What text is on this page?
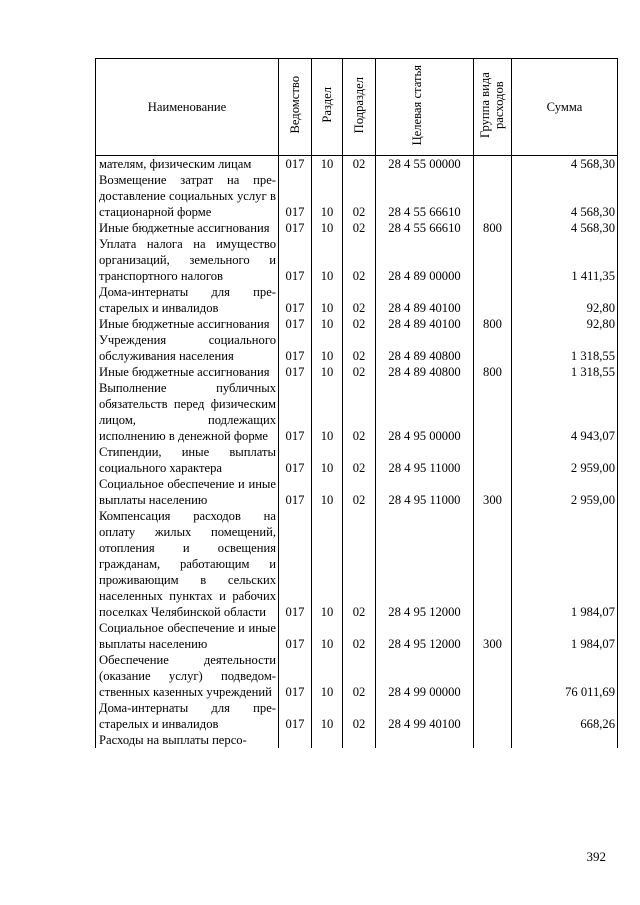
Наименование	Ведомство	Раздел	Подраздел	Целевая статья	Группа вида расходов	Сумма
мателям, физическим лицам	017	10	02	28 4 55 00000		4 568,30
Возмещение затрат на предоставление социальных услуг в стационарной форме	017	10	02	28 4 55 66610		4 568,30
Иные бюджетные ассигнования	017	10	02	28 4 55 66610	800	4 568,30
Уплата налога на имущество организаций, земельного и транспортного налогов	017	10	02	28 4 89 00000		1 411,35
Дома-интернаты для престарелых и инвалидов	017	10	02	28 4 89 40100		92,80
Иные бюджетные ассигнования	017	10	02	28 4 89 40100	800	92,80
Учреждения социального обслуживания населения	017	10	02	28 4 89 40800		1 318,55
Иные бюджетные ассигнования	017	10	02	28 4 89 40800	800	1 318,55
Выполнение публичных обязательств перед физическим лицом, подлежащих исполнению в денежной форме	017	10	02	28 4 95 00000		4 943,07
Стипендии, иные выплаты социального характера	017	10	02	28 4 95 11000		2 959,00
Социальное обеспечение и иные выплаты населению	017	10	02	28 4 95 11000	300	2 959,00
Компенсация расходов на оплату жилых помещений, отопления и освещения гражданам, работающим и проживающим в сельских населенных пунктах и рабочих поселках Челябинской области	017	10	02	28 4 95 12000		1 984,07
Социальное обеспечение и иные выплаты населению	017	10	02	28 4 95 12000	300	1 984,07
Обеспечение деятельности (оказание услуг) подведомственных казенных учреждений	017	10	02	28 4 99 00000		76 011,69
Дома-интернаты для престарелых и инвалидов	017	10	02	28 4 99 40100		668,26
Расходы на выплаты персо-						
392
